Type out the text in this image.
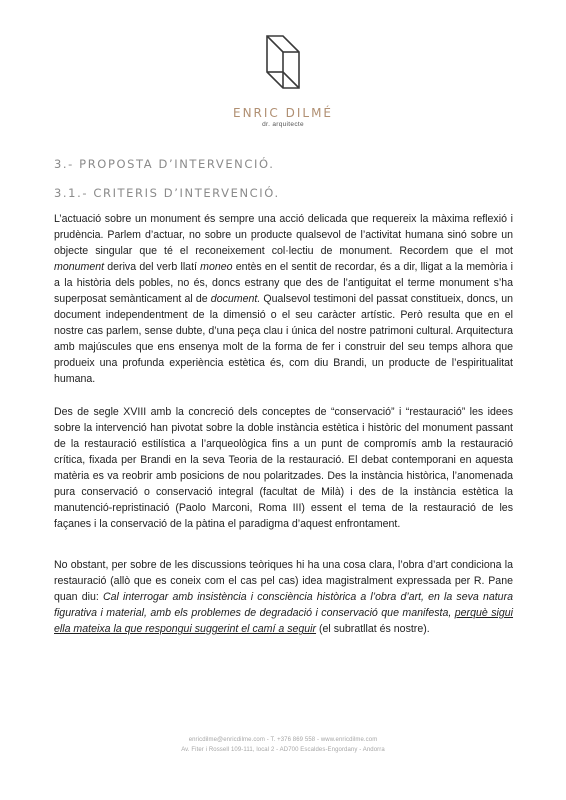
ENRIC DILMÉ
dr. arquitecte
3.- PROPOSTA D’INTERVENCIÓ.
3.1.- CRITERIS D’INTERVENCIÓ.
L’actuació sobre un monument és sempre una acció delicada que requereix la màxima reflexió i prudència. Parlem d’actuar, no sobre un producte qualsevol de l’activitat humana sinó sobre un objecte singular que té el reconeixement col·lectiu de monument. Recordem que el mot monument deriva del verb llatí moneo entès en el sentit de recordar, és a dir, lligat a la memòria i a la història dels pobles, no és, doncs estrany que des de l’antiguitat el terme monument s’ha superposat semànticament al de document. Qualsevol testimoni del passat constitueix, doncs, un document independentment de la dimensió o el seu caràcter artístic. Però resulta que en el nostre cas parlem, sense dubte, d’una peça clau i única del nostre patrimoni cultural. Arquitectura amb majúscules que ens ensenya molt de la forma de fer i construir del seu temps alhora que produeix una profunda experiència estètica és, com diu Brandi, un producte de l’espiritualitat humana.
Des de segle XVIII amb la concreció dels conceptes de “conservació” i “restauració” les idees sobre la intervenció han pivotat sobre la doble instància estètica i històric del monument passant de la restauració estilística a l’arqueològica fins a un punt de compromís amb la restauració crítica, fixada per Brandi en la seva Teoria de la restauració. El debat contemporani en aquesta matèria es va reobrir amb posicions de nou polaritzades. Des la instància històrica, l’anomenada pura conservació o conservació integral (facultat de Milà) i des de la instància estètica la manutenció-repristinació (Paolo Marconi, Roma III) essent el tema de la restauració de les façanes i la conservació de la pàtina el paradigma d’aquest enfrontament.
No obstant, per sobre de les discussions teòriques hi ha una cosa clara, l’obra d’art condiciona la restauració (allò que es coneix com el cas pel cas) idea magistralment expressada per R. Pane quan diu: Cal interrogar amb insistència i consciència històrica a l’obra d’art, en la seva natura figurativa i material, amb els problemes de degradació i conservació que manifesta, perquè sigui ella mateixa la que respongui suggerint el camí a seguir (el subratllat és nostre).
enricdilme@enricdilme.com - T. +376 869 558 - www.enricdilme.com
Av. Fiter i Rossell 109-111, local 2 - AD700 Escaldes-Engordany - Andorra
